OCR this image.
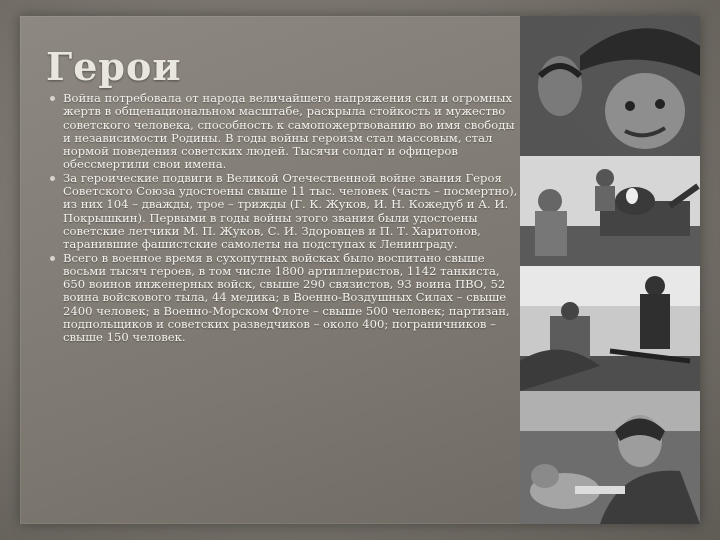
Герои
Война потребовала от народа величайшего напряжения сил и огромных жертв в общенациональном масштабе, раскрыла стойкость и мужество советского человека, способность к самопожертвованию во имя свободы и независимости Родины. В годы войны героизм стал массовым, стал нормой поведения советских людей. Тысячи солдат и офицеров обессмертили свои имена.
За героические подвиги в Великой Отечественной войне звания Героя Советского Союза удостоены свыше 11 тыс. человек (часть – посмертно), из них 104 – дважды, трое – трижды (Г. К. Жуков, И. Н. Кожедуб и А. И. Покрышкин). Первыми в годы войны этого звания были удостоены советские летчики М. П. Жуков, С. И. Здоровцев и П. Т. Харитонов, таранившие фашистские самолеты на подступах к Ленинграду.
Всего в военное время в сухопутных войсках было воспитано свыше восьми тысяч героев, в том числе 1800 артиллеристов, 1142 танкиста, 650 воинов инженерных войск, свыше 290 связистов, 93 воина ПВО, 52 воина войскового тыла, 44 медика; в Военно-Воздушных Силах – свыше 2400 человек; в Военно-Морском Флоте – свыше 500 человек; партизан, подпольщиков и советских разведчиков – около 400; пограничников – свыше 150 человек.
